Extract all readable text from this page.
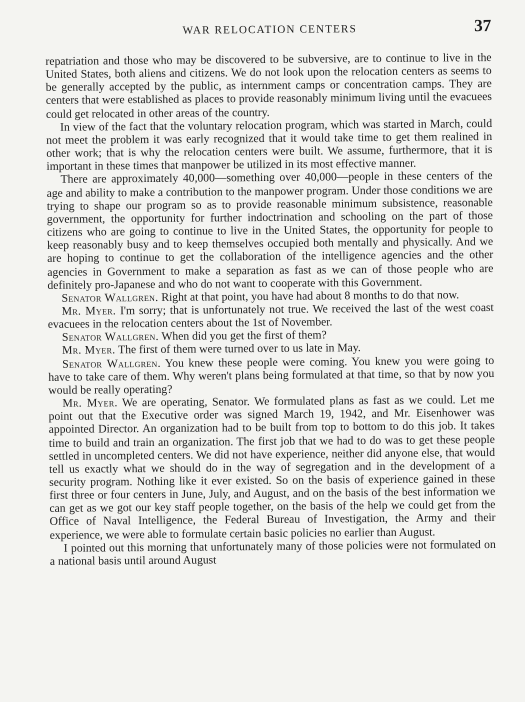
WAR RELOCATION CENTERS	37

repatriation and those who may be discovered to be subversive, are to continue to live in the United States, both aliens and citizens. We do not look upon the relocation centers as seems to be generally accepted by the public, as internment camps or concentration camps. They are centers that were established as places to provide reasonably minimum living until the evacuees could get relocated in other areas of the country.

In view of the fact that the voluntary relocation program, which was started in March, could not meet the problem it was early recognized that it would take time to get them realined in other work; that is why the relocation centers were built. We assume, furthermore, that it is important in these times that manpower be utilized in its most effective manner.

There are approximately 40,000—something over 40,000—people in these centers of the age and ability to make a contribution to the manpower program. Under those conditions we are trying to shape our program so as to provide reasonable minimum subsistence, reasonable government, the opportunity for further indoctrination and schooling on the part of those citizens who are going to continue to live in the United States, the opportunity for people to keep reasonably busy and to keep themselves occupied both mentally and physically. And we are hoping to continue to get the collaboration of the intelligence agencies and the other agencies in Government to make a separation as fast as we can of those people who are definitely pro-Japanese and who do not want to cooperate with this Government.

Senator Wallgren. Right at that point, you have had about 8 months to do that now.

Mr. Myer. I'm sorry; that is unfortunately not true. We received the last of the west coast evacuees in the relocation centers about the 1st of November.

Senator Wallgren. When did you get the first of them?

Mr. Myer. The first of them were turned over to us late in May.

Senator Wallgren. You knew these people were coming. You knew you were going to have to take care of them. Why weren't plans being formulated at that time, so that by now you would be really operating?

Mr. Myer. We are operating, Senator. We formulated plans as fast as we could. Let me point out that the Executive order was signed March 19, 1942, and Mr. Eisenhower was appointed Director. An organization had to be built from top to bottom to do this job. It takes time to build and train an organization. The first job that we had to do was to get these people settled in uncompleted centers. We did not have experience, neither did anyone else, that would tell us exactly what we should do in the way of segregation and in the development of a security program. Nothing like it ever existed. So on the basis of experience gained in these first three or four centers in June, July, and August, and on the basis of the best information we can get as we got our key staff people together, on the basis of the help we could get from the Office of Naval Intelligence, the Federal Bureau of Investigation, the Army and their experience, we were able to formulate certain basic policies no earlier than August.

I pointed out this morning that unfortunately many of those policies were not formulated on a national basis until around August
